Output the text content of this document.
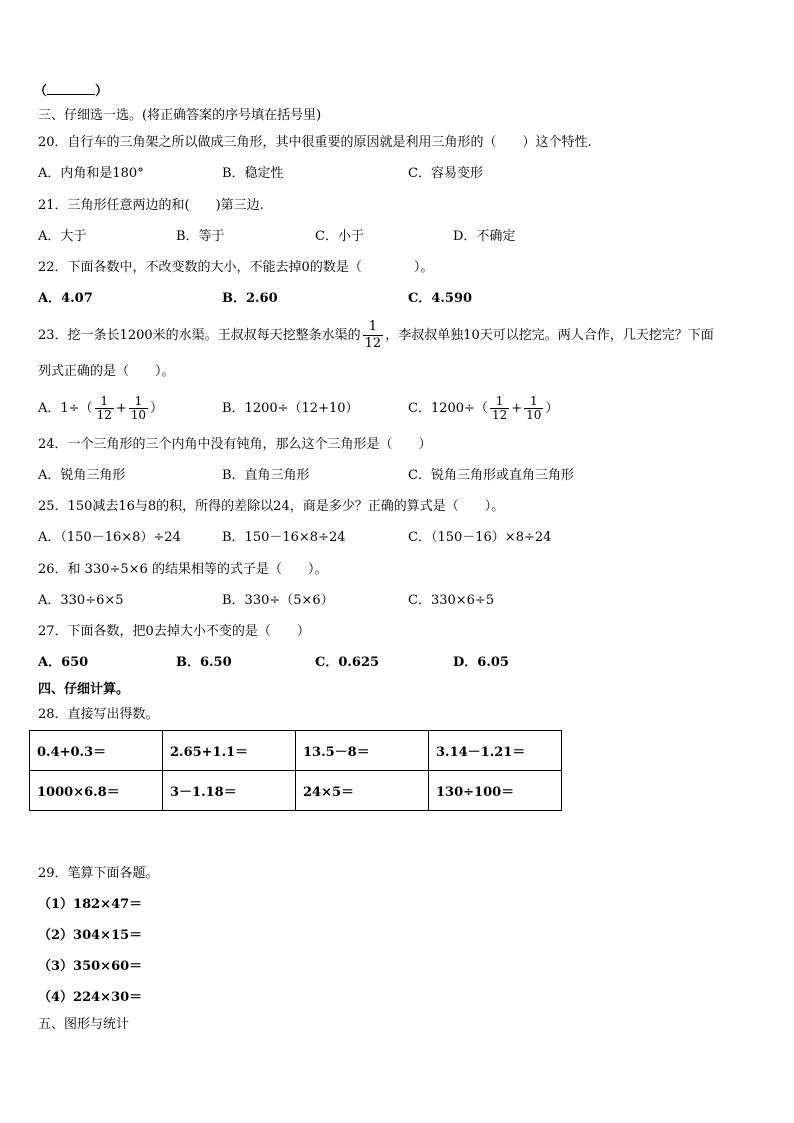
（	）
三、仔细选一选。(将正确答案的序号填在括号里)
20．自行车的三角架之所以做成三角形，其中很重要的原因就是利用三角形的（　　）这个特性.
A．内角和是180°	B．稳定性	C．容易变形
21．三角形任意两边的和(　　)第三边.
A．大于	B．等于	C．小于	D．不确定
22．下面各数中，不改变数的大小，不能去掉0的数是（　　　　）。
A．4.07	B．2.60	C．4.590
23．挖一条长1200米的水渠。王叔叔每天挖整条水渠的 $\frac{1}{12}$ ，李叔叔单独10天可以挖完。两人合作，几天挖完？下面
列式正确的是（　　）。
A．$1\div( \frac{1}{12} + \frac{1}{10}$ ）	B．1200÷（12+10）	C．$1200\div( \frac{1}{12} + \frac{1}{10}$ ）
24．一个三角形的三个内角中没有钝角，那么这个三角形是（　　）
A．锐角三角形	B．直角三角形	C．锐角三角形或直角三角形
25．150减去16与8的积，所得的差除以24，商是多少？正确的算式是（　　）。
A．（150－16×8）÷24	B．150－16×8÷24	C．（150－16）×8÷24
26．和 330÷5×6 的结果相等的式子是（　　）。
A．330÷6×5	B．330÷（5×6）	C．330×6÷5
27．下面各数，把0去掉大小不变的是（　　）
A．650	B．6.50	C．0.625	D．6.05
四、仔细计算。
28．直接写出得数。
0.4+0.3＝	2.65+1.1＝	13.5－8＝	3.14－1.21＝
1000×6.8＝	3－1.18＝	24×5＝	130÷100＝
29．笔算下面各题。
（1）182×47＝
（2）304×15＝
（3）350×60＝
（4）224×30＝
五、图形与统计
